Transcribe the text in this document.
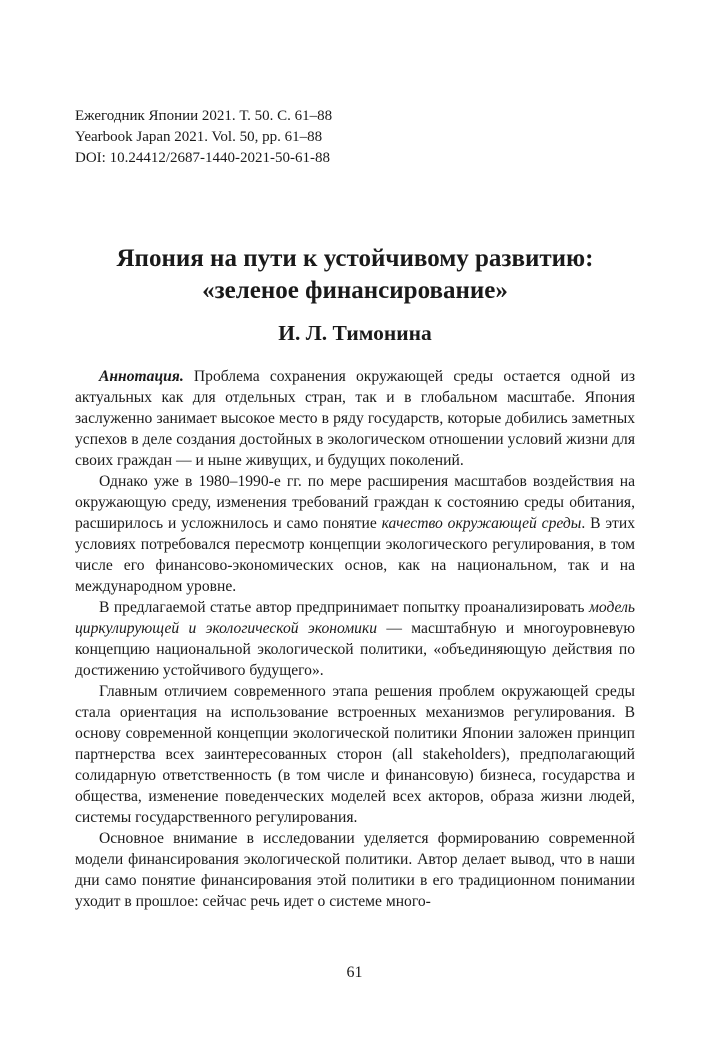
Ежегодник Японии 2021. Т. 50. С. 61–88
Yearbook Japan 2021. Vol. 50, pp. 61–88
DOI: 10.24412/2687-1440-2021-50-61-88
Япония на пути к устойчивому развитию:
«зеленое финансирование»
И. Л. Тимонина

Аннотация. Проблема сохранения окружающей среды остается одной из актуальных как для отдельных стран, так и в глобальном масштабе. Япония заслуженно занимает высокое место в ряду государств, которые добились заметных успехов в деле создания достойных в экологическом отношении условий жизни для своих граждан — и ныне живущих, и будущих поколений.

Однако уже в 1980–1990-е гг. по мере расширения масштабов воздействия на окружающую среду, изменения требований граждан к состоянию среды обитания, расширилось и усложнилось и само понятие качество окружающей среды. В этих условиях потребовался пересмотр концепции экологического регулирования, в том числе его финансово-экономических основ, как на национальном, так и на международном уровне.

В предлагаемой статье автор предпринимает попытку проанализировать модель циркулирующей и экологической экономики — масштабную и многоуровневую концепцию национальной экологической политики, «объединяющую действия по достижению устойчивого будущего».

Главным отличием современного этапа решения проблем окружающей среды стала ориентация на использование встроенных механизмов регулирования. В основу современной концепции экологической политики Японии заложен принцип партнерства всех заинтересованных сторон (all stakeholders), предполагающий солидарную ответственность (в том числе и финансовую) бизнеса, государства и общества, изменение поведенческих моделей всех акторов, образа жизни людей, системы государственного регулирования.

Основное внимание в исследовании уделяется формированию современной модели финансирования экологической политики. Автор делает вывод, что в наши дни само понятие финансирования этой политики в его традиционном понимании уходит в прошлое: сейчас речь идет о системе много-

61
